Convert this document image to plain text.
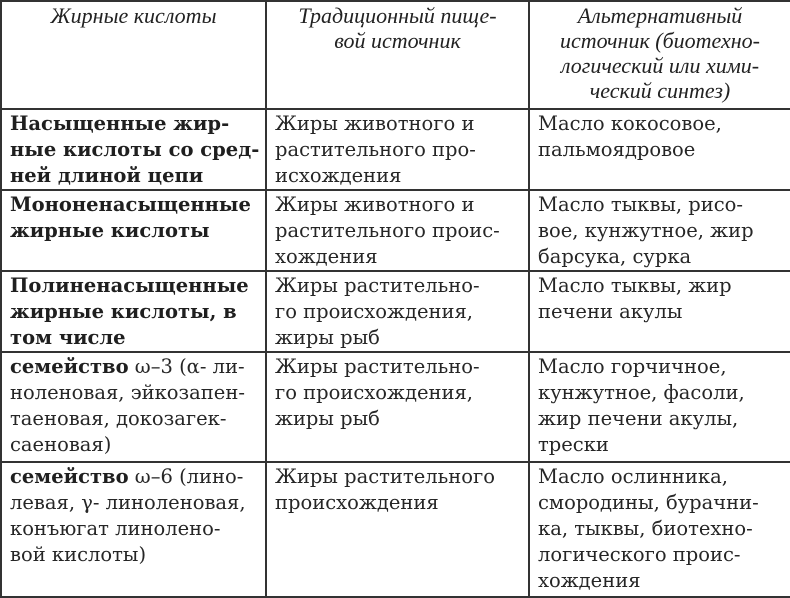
Жирные кислоты	Традиционный пище-
вой источник	Альтернативный
источник (биотехно-
логический или хими-
ческий синтез)

Насыщенные жир-
ные кислоты со сред-
ней длиной цепи	Жиры животного и
растительного про-
исхождения	Масло кокосовое,
пальмоядровое

Мононенасыщенные
жирные кислоты	Жиры животного и
растительного проис-
хождения	Масло тыквы, рисо-
вое, кунжутное, жир
барсука, сурка

Полиненасыщенные
жирные кислоты, в
том числе	Жиры растительно-
го происхождения,
жиры рыб	Масло тыквы, жир
печени акулы

семейство ω–3 (α- ли-
ноленовая, эйкозапен-
таеновая, докозагек-
саеновая)	Жиры растительно-
го происхождения,
жиры рыб	Масло горчичное,
кунжутное, фасоли,
жир печени акулы,
трески

семейство ω–6 (лино-
левая, γ- линоленовая,
конъюгат линолено-
вой кислоты)	Жиры растительного
происхождения	Масло ослинника,
смородины, бурачни-
ка, тыквы, биотехно-
логического проис-
хождения
